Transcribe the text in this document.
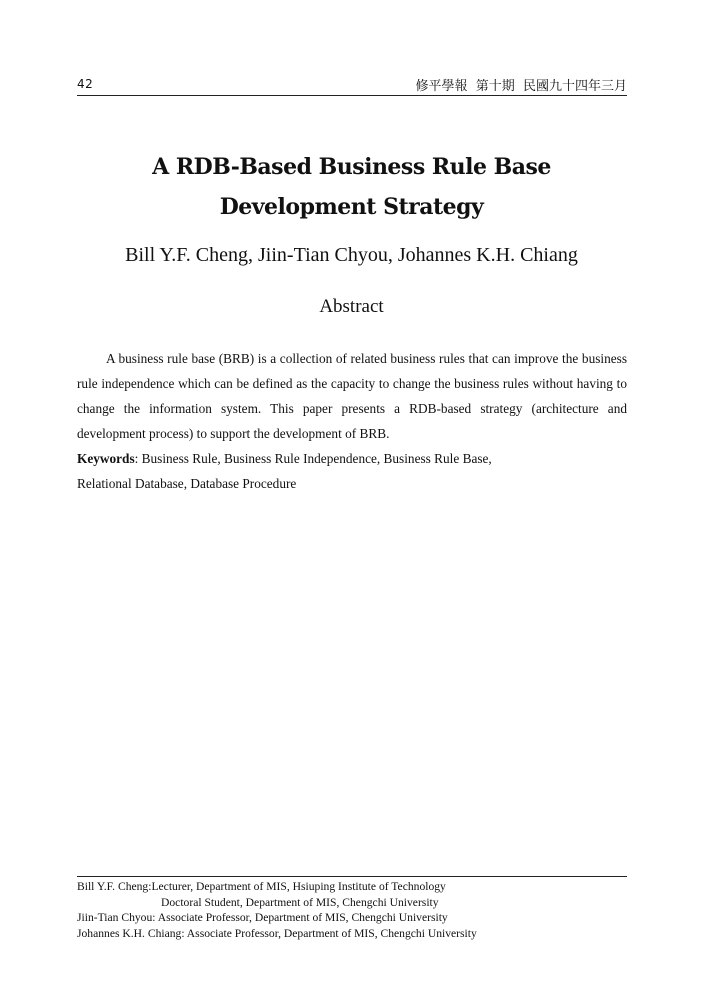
42	修平學報  第十期  民國九十四年三月
A RDB-Based Business Rule Base
Development Strategy
Bill Y.F. Cheng, Jiin-Tian Chyou, Johannes K.H. Chiang
Abstract

A business rule base (BRB) is a collection of related business rules that can improve the business rule independence which can be defined as the capacity to change the business rules without having to change the information system. This paper presents a RDB-based strategy (architecture and development process) to support the development of BRB.

Keywords: Business Rule, Business Rule Independence, Business Rule Base,
Relational Database, Database Procedure
Bill Y.F. Cheng:Lecturer, Department of MIS, Hsiuping Institute of Technology
Doctoral Student, Department of MIS, Chengchi University
Jiin-Tian Chyou: Associate Professor, Department of MIS, Chengchi University
Johannes K.H. Chiang: Associate Professor, Department of MIS, Chengchi University
